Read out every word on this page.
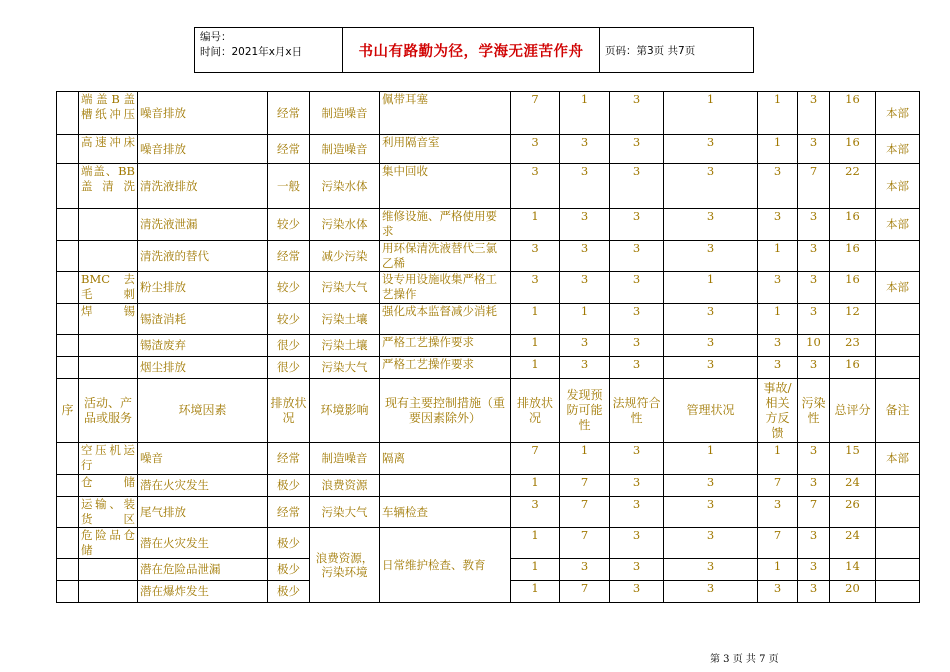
编号：
时间：2021年x月x日	书山有路勤为径，学海无涯苦作舟	页码：第3页 共7页
	端盖B盖槽纸冲压	噪音排放	经常	制造噪音	佩带耳塞	7	1	3	1	1	3	16	本部
	高速冲床	噪音排放	经常	制造噪音	利用隔音室	3	3	3	3	1	3	16	本部
	端盖、BB盖清洗	清洗液排放	一般	污染水体	集中回收	3	3	3	3	3	7	22	本部
		清洗液泄漏	较少	污染水体	维修设施、严格使用要求	1	3	3	3	3	3	16	本部
		清洗液的替代	经常	减少污染	用环保清洗液替代三氯乙稀	3	3	3	3	1	3	16	
	BMC 去毛刺	粉尘排放	较少	污染大气	设专用设施收集严格工艺操作	3	3	3	1	3	3	16	本部
	焊锡	锡渣消耗	较少	污染土壤	强化成本监督减少消耗	1	1	3	3	1	3	12	
		锡渣废弃	很少	污染土壤	严格工艺操作要求	1	3	3	3	3	10	23	
		烟尘排放	很少	污染大气	严格工艺操作要求	1	3	3	3	3	3	16	
序	活动、产品或服务	环境因素	排放状况	环境影响	现有主要控制措施（重要因素除外）	排放状况	发现预防可能性	法规符合性	管理状况	事故/相关方反馈	污染性	总评分	备注
	空压机运行	噪音	经常	制造噪音	隔离	7	1	3	1	1	3	15	本部
	仓储	潜在火灾发生	极少	浪费资源		1	7	3	3	7	3	24	
	运输、装货区	尾气排放	经常	污染大气	车辆检查	3	7	3	3	3	7	26	
	危险品仓储	潜在火灾发生	极少	浪费资源，污染环境	日常维护检查、教育	1	7	3	3	7	3	24	
		潜在危险品泄漏	极少			1	3	3	3	1	3	14	
		潜在爆炸发生	极少			1	7	3	3	3	3	20	
第 3 页 共 7 页
